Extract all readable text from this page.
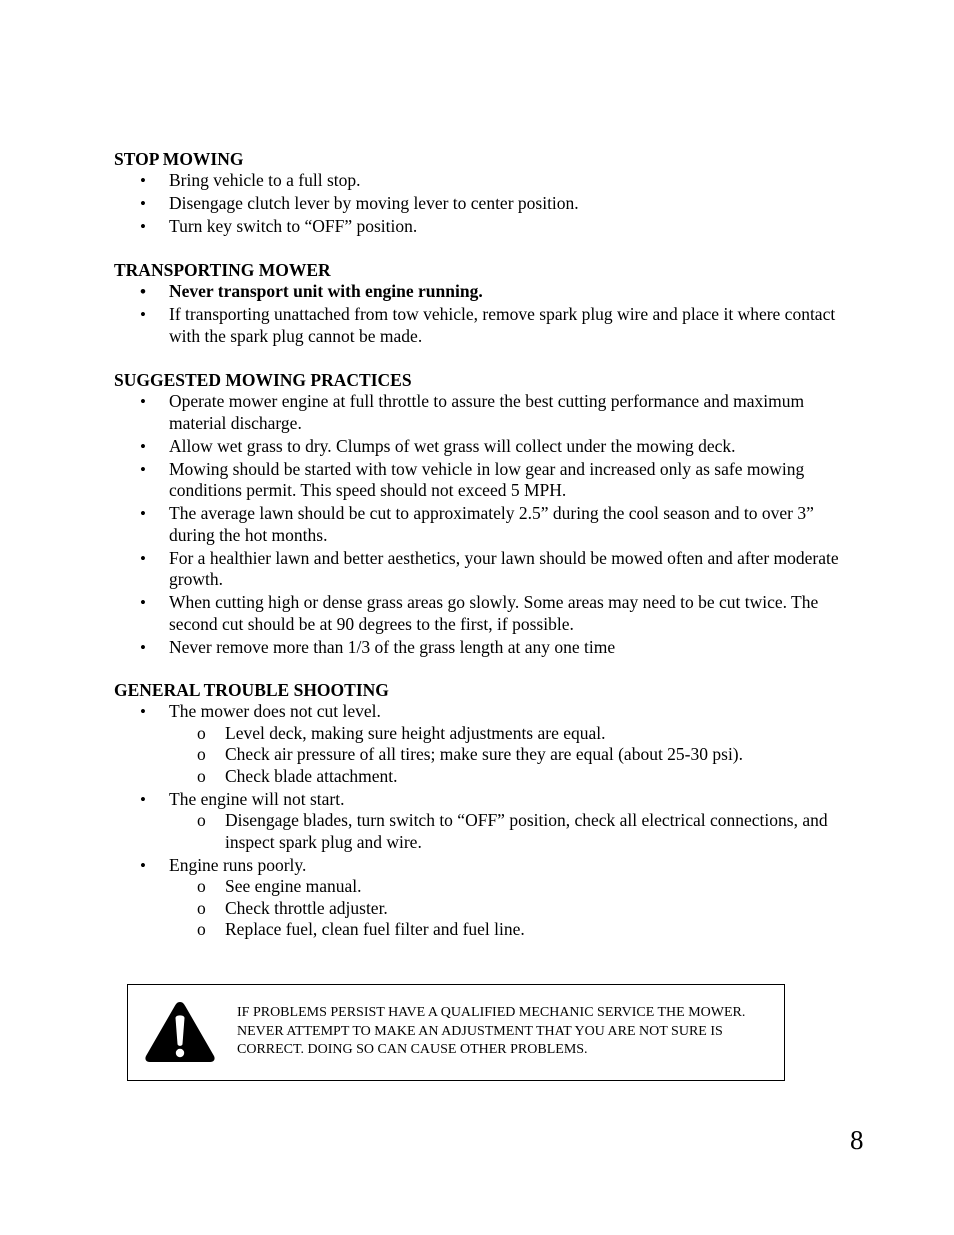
STOP MOWING
• Bring vehicle to a full stop.
• Disengage clutch lever by moving lever to center position.
• Turn key switch to “OFF” position.
TRANSPORTING MOWER
• Never transport unit with engine running.
• If transporting unattached from tow vehicle, remove spark plug wire and place it where contact with the spark plug cannot be made.
SUGGESTED MOWING PRACTICES
• Operate mower engine at full throttle to assure the best cutting performance and maximum material discharge.
• Allow wet grass to dry. Clumps of wet grass will collect under the mowing deck.
• Mowing should be started with tow vehicle in low gear and increased only as safe mowing conditions permit. This speed should not exceed 5 MPH.
• The average lawn should be cut to approximately 2.5” during the cool season and to over 3” during the hot months.
• For a healthier lawn and better aesthetics, your lawn should be mowed often and after moderate growth.
• When cutting high or dense grass areas go slowly. Some areas may need to be cut twice. The second cut should be at 90 degrees to the first, if possible.
• Never remove more than 1/3 of the grass length at any one time
GENERAL TROUBLE SHOOTING
• The mower does not cut level.
o Level deck, making sure height adjustments are equal.
o Check air pressure of all tires; make sure they are equal (about 25-30 psi).
o Check blade attachment.
• The engine will not start.
o Disengage blades, turn switch to “OFF” position, check all electrical connections, and inspect spark plug and wire.
• Engine runs poorly.
o See engine manual.
o Check throttle adjuster.
o Replace fuel, clean fuel filter and fuel line.
IF PROBLEMS PERSIST HAVE A QUALIFIED MECHANIC SERVICE THE MOWER. NEVER ATTEMPT TO MAKE AN ADJUSTMENT THAT YOU ARE NOT SURE IS CORRECT. DOING SO CAN CAUSE OTHER PROBLEMS.
8
